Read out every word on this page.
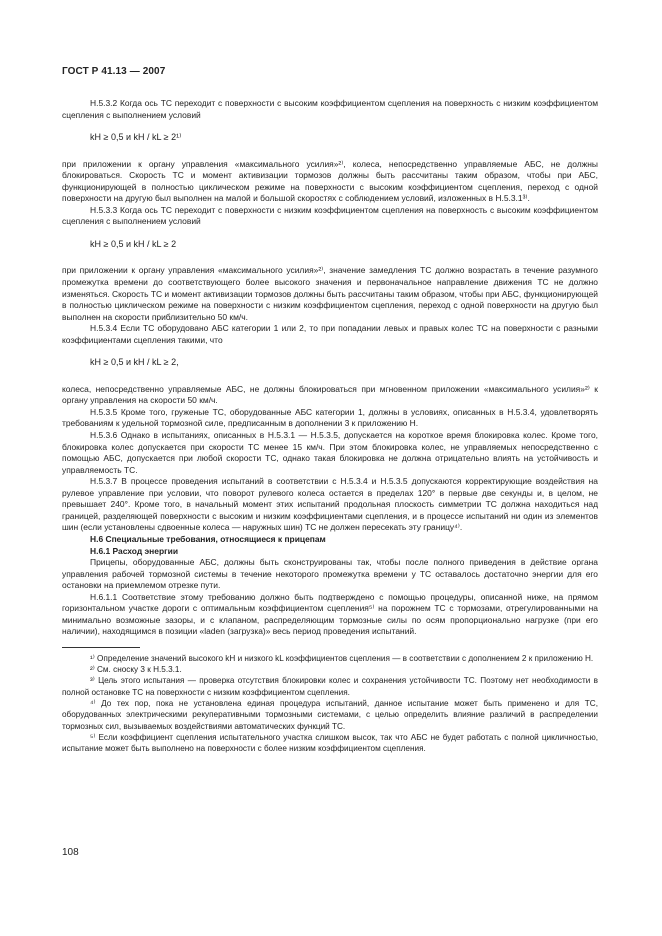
ГОСТ Р 41.13 — 2007

Н.5.3.2 Когда ось ТС переходит с поверхности с высоким коэффициентом сцепления на поверхность с низким коэффициентом сцепления с выполнением условий

kH ≥ 0,5 и kH / kL ≥ 2¹⁾

при приложении к органу управления «максимального усилия»²⁾, колеса, непосредственно управляемые АБС, не должны блокироваться. Скорость ТС и момент активизации тормозов должны быть рассчитаны таким образом, чтобы при АБС, функционирующей в полностью циклическом режиме на поверхности с высоким коэффициентом сцепления, переход с одной поверхности на другую был выполнен на малой и большой скоростях с соблюдением условий, изложенных в Н.5.3.1³⁾.

Н.5.3.3 Когда ось ТС переходит с поверхности с низким коэффициентом сцепления на поверхность с высоким коэффициентом сцепления с выполнением условий

kH ≥ 0,5 и kH / kL ≥ 2

при приложении к органу управления «максимального усилия»²⁾, значение замедления ТС должно возрастать в течение разумного промежутка времени до соответствующего более высокого значения и первоначальное направление движения ТС не должно изменяться. Скорость ТС и момент активизации тормозов должны быть рассчитаны таким образом, чтобы при АБС, функционирующей в полностью циклическом режиме на поверхности с низким коэффициентом сцепления, переход с одной поверхности на другую был выполнен на скорости приблизительно 50 км/ч.

Н.5.3.4 Если ТС оборудовано АБС категории 1 или 2, то при попадании левых и правых колес ТС на поверхности с разными коэффициентами сцепления такими, что

kH ≥ 0,5 и kH / kL ≥ 2,

колеса, непосредственно управляемые АБС, не должны блокироваться при мгновенном приложении «максимального усилия»²⁾ к органу управления на скорости 50 км/ч.

Н.5.3.5 Кроме того, груженые ТС, оборудованные АБС категории 1, должны в условиях, описанных в Н.5.3.4, удовлетворять требованиям к удельной тормозной силе, предписанным в дополнении 3 к приложению Н.

Н.5.3.6 Однако в испытаниях, описанных в Н.5.3.1 — Н.5.3.5, допускается на короткое время блокировка колес. Кроме того, блокировка колес допускается при скорости ТС менее 15 км/ч. При этом блокировка колес, не управляемых непосредственно с помощью АБС, допускается при любой скорости ТС, однако такая блокировка не должна отрицательно влиять на устойчивость и управляемость ТС.

Н.5.3.7 В процессе проведения испытаний в соответствии с Н.5.3.4 и Н.5.3.5 допускаются корректирующие воздействия на рулевое управление при условии, что поворот рулевого колеса остается в пределах 120° в первые две секунды и, в целом, не превышает 240°. Кроме того, в начальный момент этих испытаний продольная плоскость симметрии ТС должна находиться над границей, разделяющей поверхности с высоким и низким коэффициентами сцепления, и в процессе испытаний ни один из элементов шин (если установлены сдвоенные колеса — наружных шин) ТС не должен пересекать эту границу⁴⁾.

Н.6 Специальные требования, относящиеся к прицепам

Н.6.1 Расход энергии

Прицепы, оборудованные АБС, должны быть сконструированы так, чтобы после полного приведения в действие органа управления рабочей тормозной системы в течение некоторого промежутка времени у ТС оставалось достаточно энергии для его остановки на приемлемом отрезке пути.

Н.6.1.1 Соответствие этому требованию должно быть подтверждено с помощью процедуры, описанной ниже, на прямом горизонтальном участке дороги с оптимальным коэффициентом сцепления⁵⁾ на порожнем ТС с тормозами, отрегулированными на минимально возможные зазоры, и с клапаном, распределяющим тормозные силы по осям пропорционально нагрузке (при его наличии), находящимся в позиции «laden (загрузка)» весь период проведения испытаний.

¹⁾ Определение значений высокого kH и низкого kL коэффициентов сцепления — в соответствии с дополнением 2 к приложению Н.

²⁾ См. сноску 3 к Н.5.3.1.

³⁾ Цель этого испытания — проверка отсутствия блокировки колес и сохранения устойчивости ТС. Поэтому нет необходимости в полной остановке ТС на поверхности с низким коэффициентом сцепления.

⁴⁾ До тех пор, пока не установлена единая процедура испытаний, данное испытание может быть применено и для ТС, оборудованных электрическими рекуперативными тормозными системами, с целью определить влияние различий в распределении тормозных сил, вызываемых воздействиями автоматических функций ТС.

⁵⁾ Если коэффициент сцепления испытательного участка слишком высок, так что АБС не будет работать с полной цикличностью, испытание может быть выполнено на поверхности с более низким коэффициентом сцепления.

108
